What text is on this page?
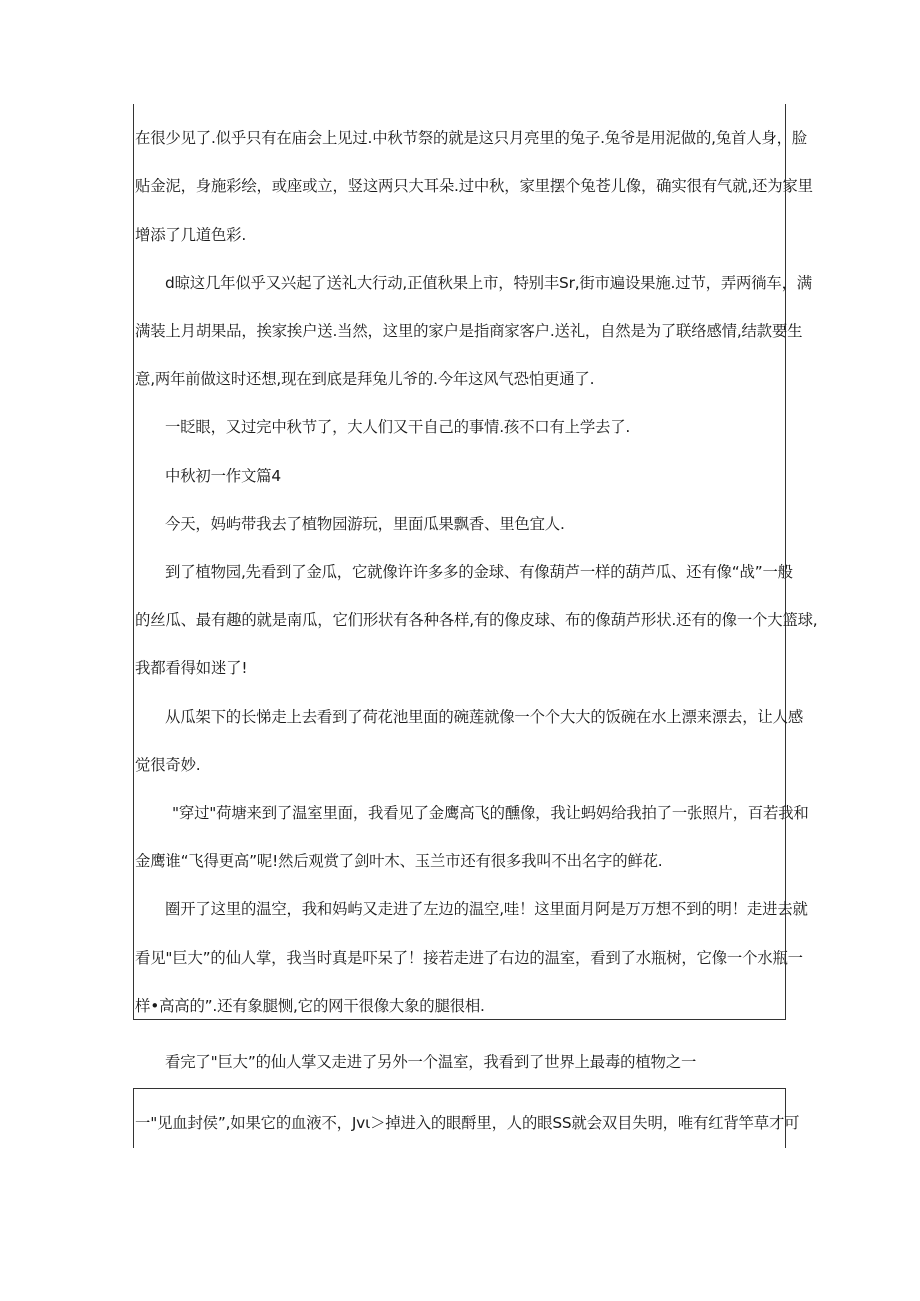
在很少见了.似乎只有在庙会上见过.中秋节祭的就是这只月亮里的兔子.兔爷是用泥做的,兔首人身，脸

贴金泥，身施彩绘，或座或立，竖这两只大耳朵.过中秋，家里摆个兔苍儿像，确实很有气就,还为家里

增添了几道色彩.

d晾这几年似乎又兴起了送礼大行动,正值秋果上市，特别丰Sr,街市遍设果施.过节，弄两徜车，满

满装上月胡果品，挨家挨户送.当然，这里的家户是指商家客户.送礼，自然是为了联络感情,结款要生

意,两年前做这时还想,现在到底是拜兔儿爷的.今年这风气恐怕更通了.

一眨眼，又过完中秋节了，大人们又干自己的事情.孩不口有上学去了.

中秋初一作文篇4

今天，妈屿带我去了植物园游玩，里面瓜果飘香、里色宜人.

到了植物园,先看到了金瓜，它就像许许多多的金球、有像葫芦一样的葫芦瓜、还有像“战”一般

的丝瓜、最有趣的就是南瓜，它们形状有各种各样,有的像皮球、布的像葫芦形状.还有的像一个大篮球,

我都看得如迷了!

从瓜架下的长悌走上去看到了荷花池里面的碗莲就像一个个大大的饭碗在水上漂来漂去，让人感

觉很奇妙.

"穿过"荷塘来到了温室里面，我看见了金鹰高飞的醺像，我让蚂妈给我拍了一张照片，百若我和

金鹰谁“飞得更高”呢!然后观赏了剑叶木、玉兰市还有很多我叫不出名字的鲜花.

圈开了这里的温空，我和妈屿又走进了左边的温空,哇！这里面月阿是万万想不到的明！走进去就

看见"巨大”的仙人掌，我当时真是吓呆了！接若走进了右边的温室，看到了水瓶树，它像一个水瓶一

样•高高的”.还有象腿恻,它的网干很像大象的腿很相.

看完了"巨大”的仙人掌又走进了另外一个温室，我看到了世界上最毒的植物之一

一"见血封侯”,如果它的血液不，Jvι＞掉进入的眼酹里，人的眼SS就会双目失明，唯有红背竿草才可
